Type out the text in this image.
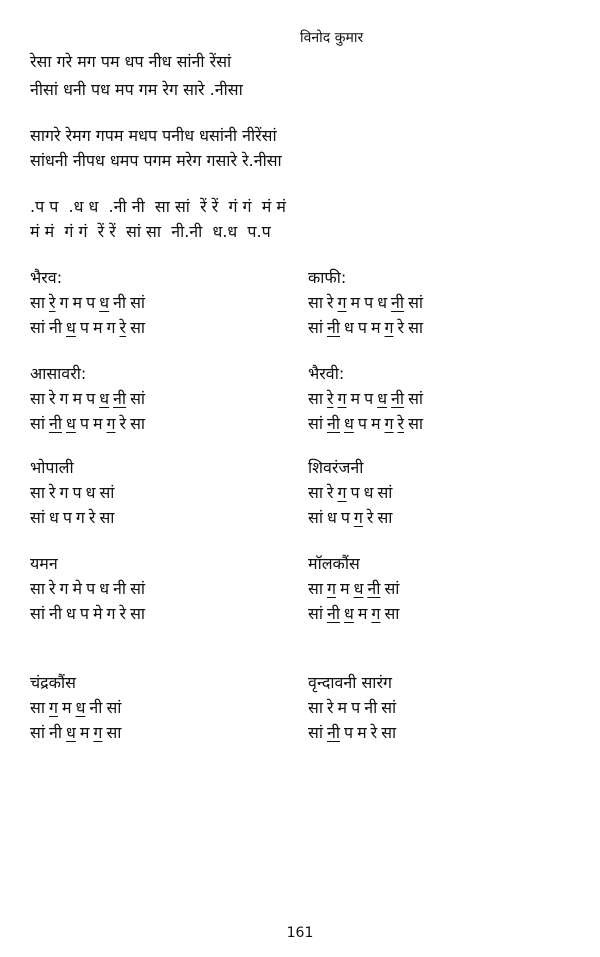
विनोद कुमार
रेसा गरे मग पम धप नीध सांनी रेंसां
नीसां धनी पध मप गम रेग सारे .नीसा
सागरे रेमग गपम मधप पनीध धसांनी नीरेंसां
सांधनी नीपध धमप पगम मरेग गसारे रे.नीसा
.प प  .ध ध  .नी नी  सा सां  रें रें  गं गं  मं मं
मं मं  गं गं  रें रें  सां सा  नी.नी  ध.ध  प.प
भैरव:
सा रे ग म प ध नी सां
सां नी ध प म ग रे सा
काफी:
सा रे ग म प ध नी सां
सां नी ध प म ग रे सा
आसावरी:
सा रे ग म प ध नी सां
सां नी ध प म ग रे सा
भैरवी:
सा रे ग म प ध नी सां
सां नी ध प म ग रे सा
भोपाली
सा रे ग प ध सां
सां ध प ग रे सा
शिवरंजनी
सा रे ग प ध सां
सां ध प ग रे सा
यमन
सा रे ग मे प ध नी सां
सां नी ध प मे ग रे सा
मॉलकौंस
सा ग म ध नी सां
सां नी ध म ग सा
चंद्रकौंस
सा ग म ध नी सां
सां नी ध म ग सा
वृन्दावनी सारंग
सा रे म प नी सां
सां नी प म रे सा
161
